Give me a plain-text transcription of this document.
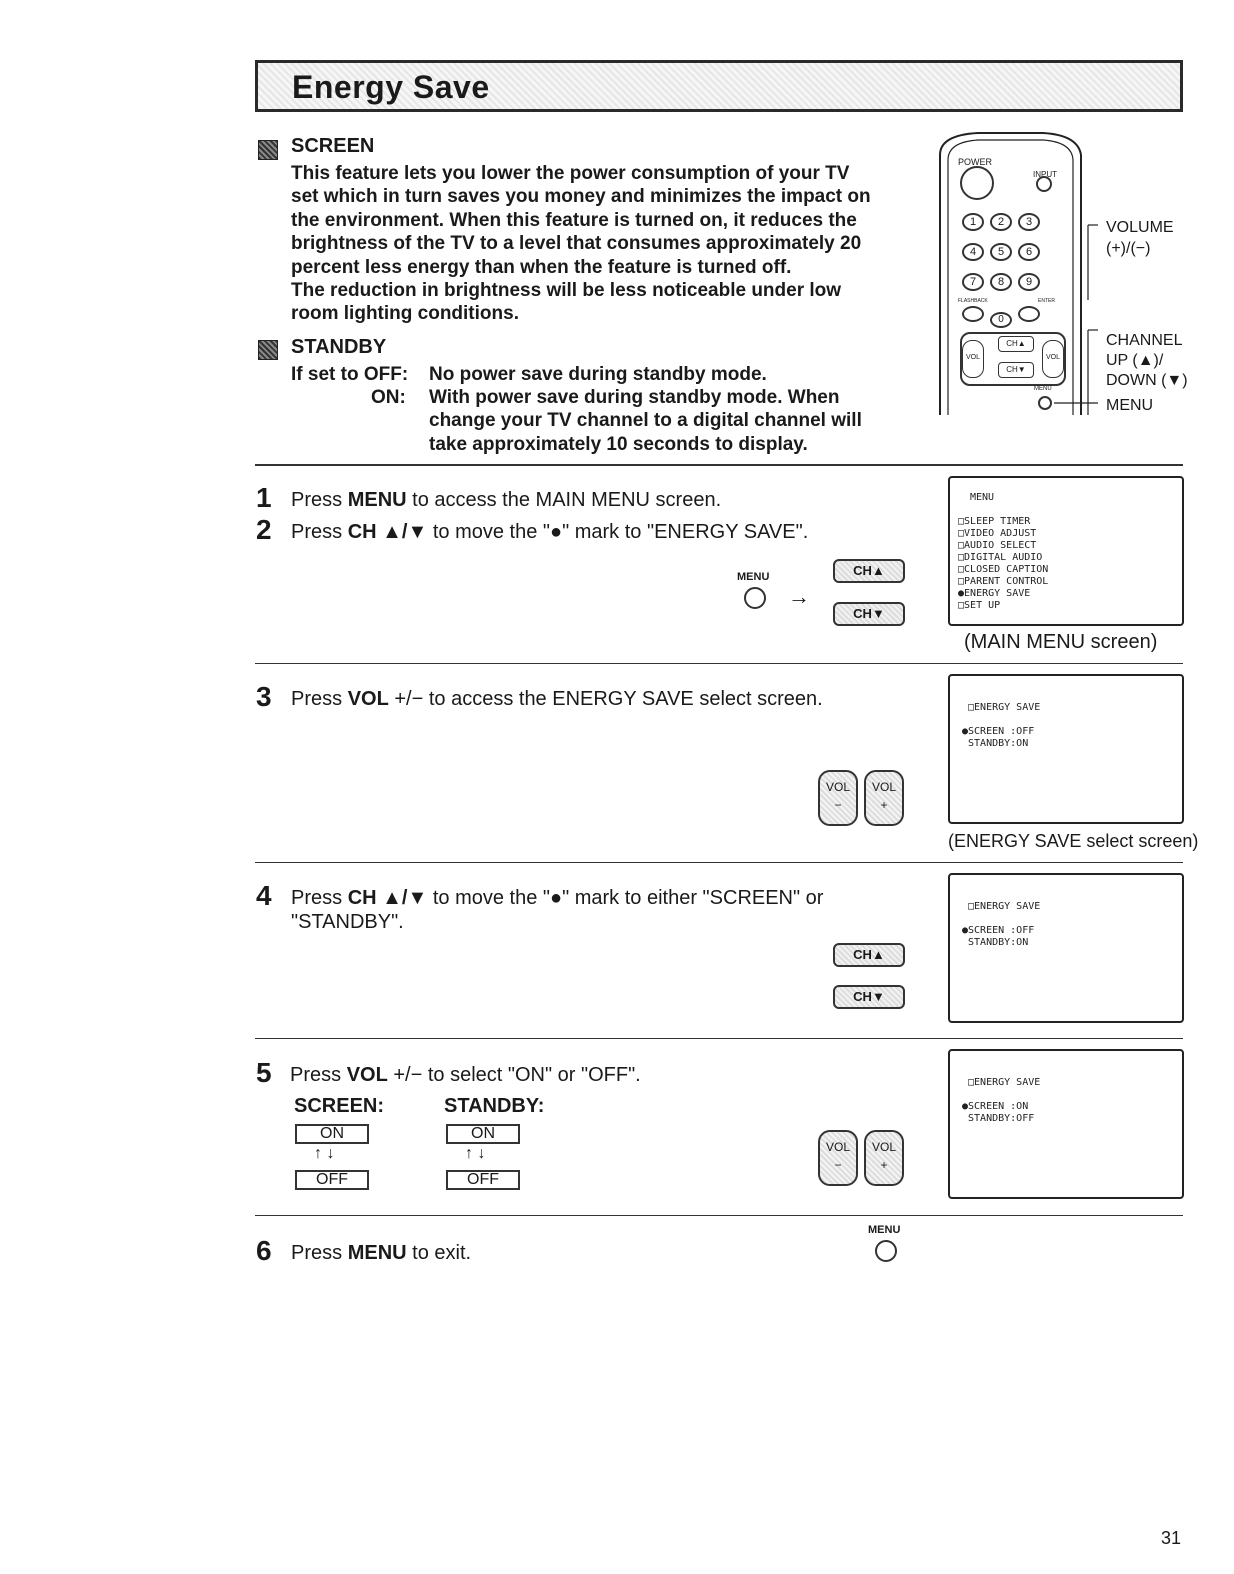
Energy Save
SCREEN
This feature lets you lower the power consumption of your TV
set which in turn saves you money and minimizes the impact on
the environment. When this feature is turned on, it reduces the
brightness of the TV to a level that consumes approximately 20
percent less energy than when the feature is turned off.
The reduction in brightness will be less noticeable under low
room lighting conditions.
STANDBY
If set to OFF: No power save during standby mode.
ON: With power save during standby mode. When
change your TV channel to a digital channel will
take approximately 10 seconds to display.
POWER
INPUT
1 2 3
4 5 6
7 8 9
FLASHBACK	ENTER
0
VOL	VOL
CH▲
CH▼
MENU
VOLUME
(+)/(−)
CHANNEL
UP (▲)/
DOWN (▼)
MENU
1 Press MENU to access the MAIN MENU screen.
2 Press CH ▲/▼ to move the "●" mark to "ENERGY SAVE".
MENU
→
CH▲
CH▼
MENU
□SLEEP TIMER
□VIDEO ADJUST
□AUDIO SELECT
□DIGITAL AUDIO
□CLOSED CAPTION
□PARENT CONTROL
●ENERGY SAVE
□SET UP
(MAIN MENU screen)
3 Press VOL +/− to access the ENERGY SAVE select screen.
VOL
−
VOL
+
□ENERGY SAVE
●SCREEN :OFF
STANDBY:ON
(ENERGY SAVE select screen)
4 Press CH ▲/▼ to move the "●" mark to either "SCREEN" or
"STANDBY".
CH▲
CH▼
□ENERGY SAVE
●SCREEN :OFF
STANDBY:ON
5 Press VOL +/− to select "ON" or "OFF".
SCREEN:	STANDBY:
ON
↑ ↓
OFF
ON
↑ ↓
OFF
VOL
−
VOL
+
□ENERGY SAVE
●SCREEN :ON
STANDBY:OFF
6 Press MENU to exit.
MENU
31
